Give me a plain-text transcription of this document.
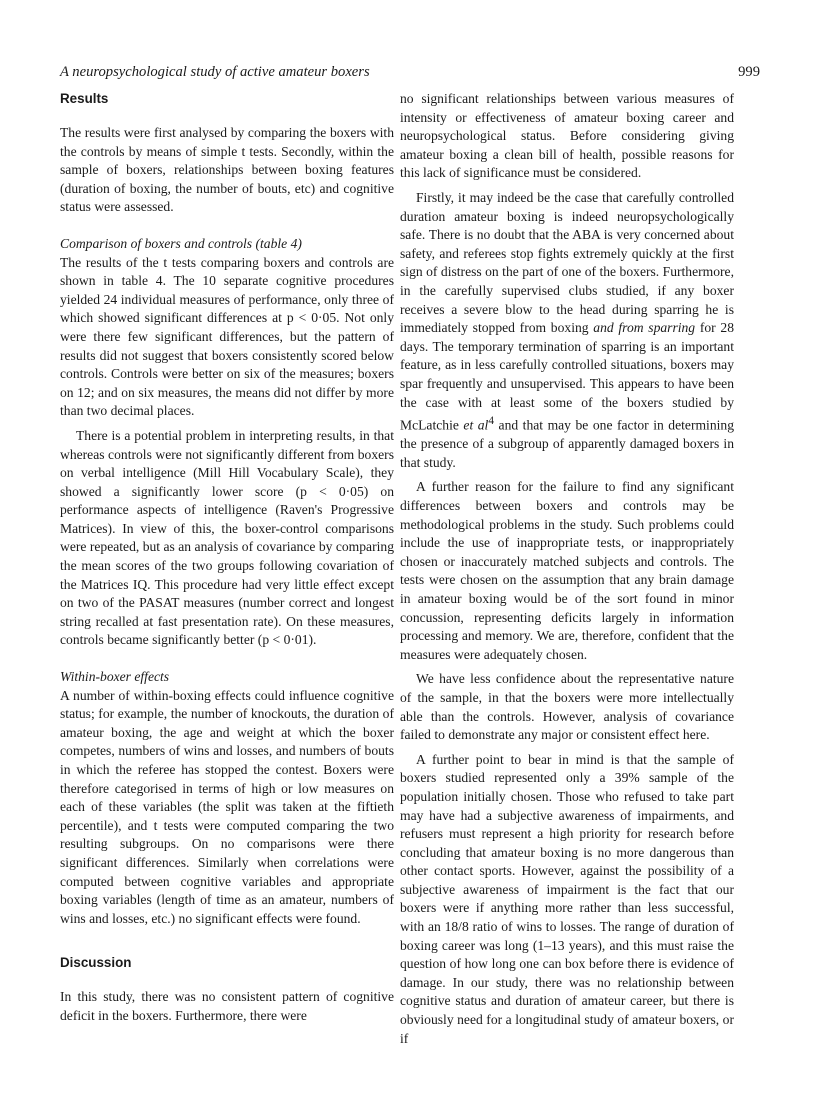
A neuropsychological study of active amateur boxers	999
Results

The results were first analysed by comparing the boxers with the controls by means of simple t tests. Secondly, within the sample of boxers, relationships between boxing features (duration of boxing, the number of bouts, etc) and cognitive status were assessed.

Comparison of boxers and controls (table 4)

The results of the t tests comparing boxers and controls are shown in table 4. The 10 separate cognitive procedures yielded 24 individual measures of performance, only three of which showed significant differences at p < 0·05. Not only were there few significant differences, but the pattern of results did not suggest that boxers consistently scored below controls. Controls were better on six of the measures; boxers on 12; and on six measures, the means did not differ by more than two decimal places.

There is a potential problem in interpreting results, in that whereas controls were not significantly different from boxers on verbal intelligence (Mill Hill Vocabulary Scale), they showed a significantly lower score (p < 0·05) on performance aspects of intelligence (Raven's Progressive Matrices). In view of this, the boxer-control comparisons were repeated, but as an analysis of covariance by comparing the mean scores of the two groups following covariation of the Matrices IQ. This procedure had very little effect except on two of the PASAT measures (number correct and longest string recalled at fast presentation rate). On these measures, controls became significantly better (p < 0·01).

Within-boxer effects

A number of within-boxing effects could influence cognitive status; for example, the number of knockouts, the duration of amateur boxing, the age and weight at which the boxer competes, numbers of wins and losses, and numbers of bouts in which the referee has stopped the contest. Boxers were therefore categorised in terms of high or low measures on each of these variables (the split was taken at the fiftieth percentile), and t tests were computed comparing the two resulting subgroups. On no comparisons were there significant differences. Similarly when correlations were computed between cognitive variables and appropriate boxing variables (length of time as an amateur, numbers of wins and losses, etc.) no significant effects were found.

Discussion

In this study, there was no consistent pattern of cognitive deficit in the boxers. Furthermore, there were

no significant relationships between various measures of intensity or effectiveness of amateur boxing career and neuropsychological status. Before considering giving amateur boxing a clean bill of health, possible reasons for this lack of significance must be considered.

Firstly, it may indeed be the case that carefully controlled duration amateur boxing is indeed neuropsychologically safe. There is no doubt that the ABA is very concerned about safety, and referees stop fights extremely quickly at the first sign of distress on the part of one of the boxers. Furthermore, in the carefully supervised clubs studied, if any boxer receives a severe blow to the head during sparring he is immediately stopped from boxing and from sparring for 28 days. The temporary termination of sparring is an important feature, as in less carefully controlled situations, boxers may spar frequently and unsupervised. This appears to have been the case with at least some of the boxers studied by McLatchie et $al^4$ and that may be one factor in determining the presence of a subgroup of apparently damaged boxers in that study.

A further reason for the failure to find any significant differences between boxers and controls may be methodological problems in the study. Such problems could include the use of inappropriate tests, or inappropriately chosen or inaccurately matched subjects and controls. The tests were chosen on the assumption that any brain damage in amateur boxing would be of the sort found in minor concussion, representing deficits largely in information processing and memory. We are, therefore, confident that the measures were adequately chosen.

We have less confidence about the representative nature of the sample, in that the boxers were more intellectually able than the controls. However, analysis of covariance failed to demonstrate any major or consistent effect here.

A further point to bear in mind is that the sample of boxers studied represented only a 39% sample of the population initially chosen. Those who refused to take part may have had a subjective awareness of impairments, and refusers must represent a high priority for research before concluding that amateur boxing is no more dangerous than other contact sports. However, against the possibility of a subjective awareness of impairment is the fact that our boxers were if anything more rather than less successful, with an 18/8 ratio of wins to losses. The range of duration of boxing career was long (1–13 years), and this must raise the question of how long one can box before there is evidence of damage. In our study, there was no relationship between cognitive status and duration of amateur career, but there is obviously need for a longitudinal study of amateur boxers, or if
